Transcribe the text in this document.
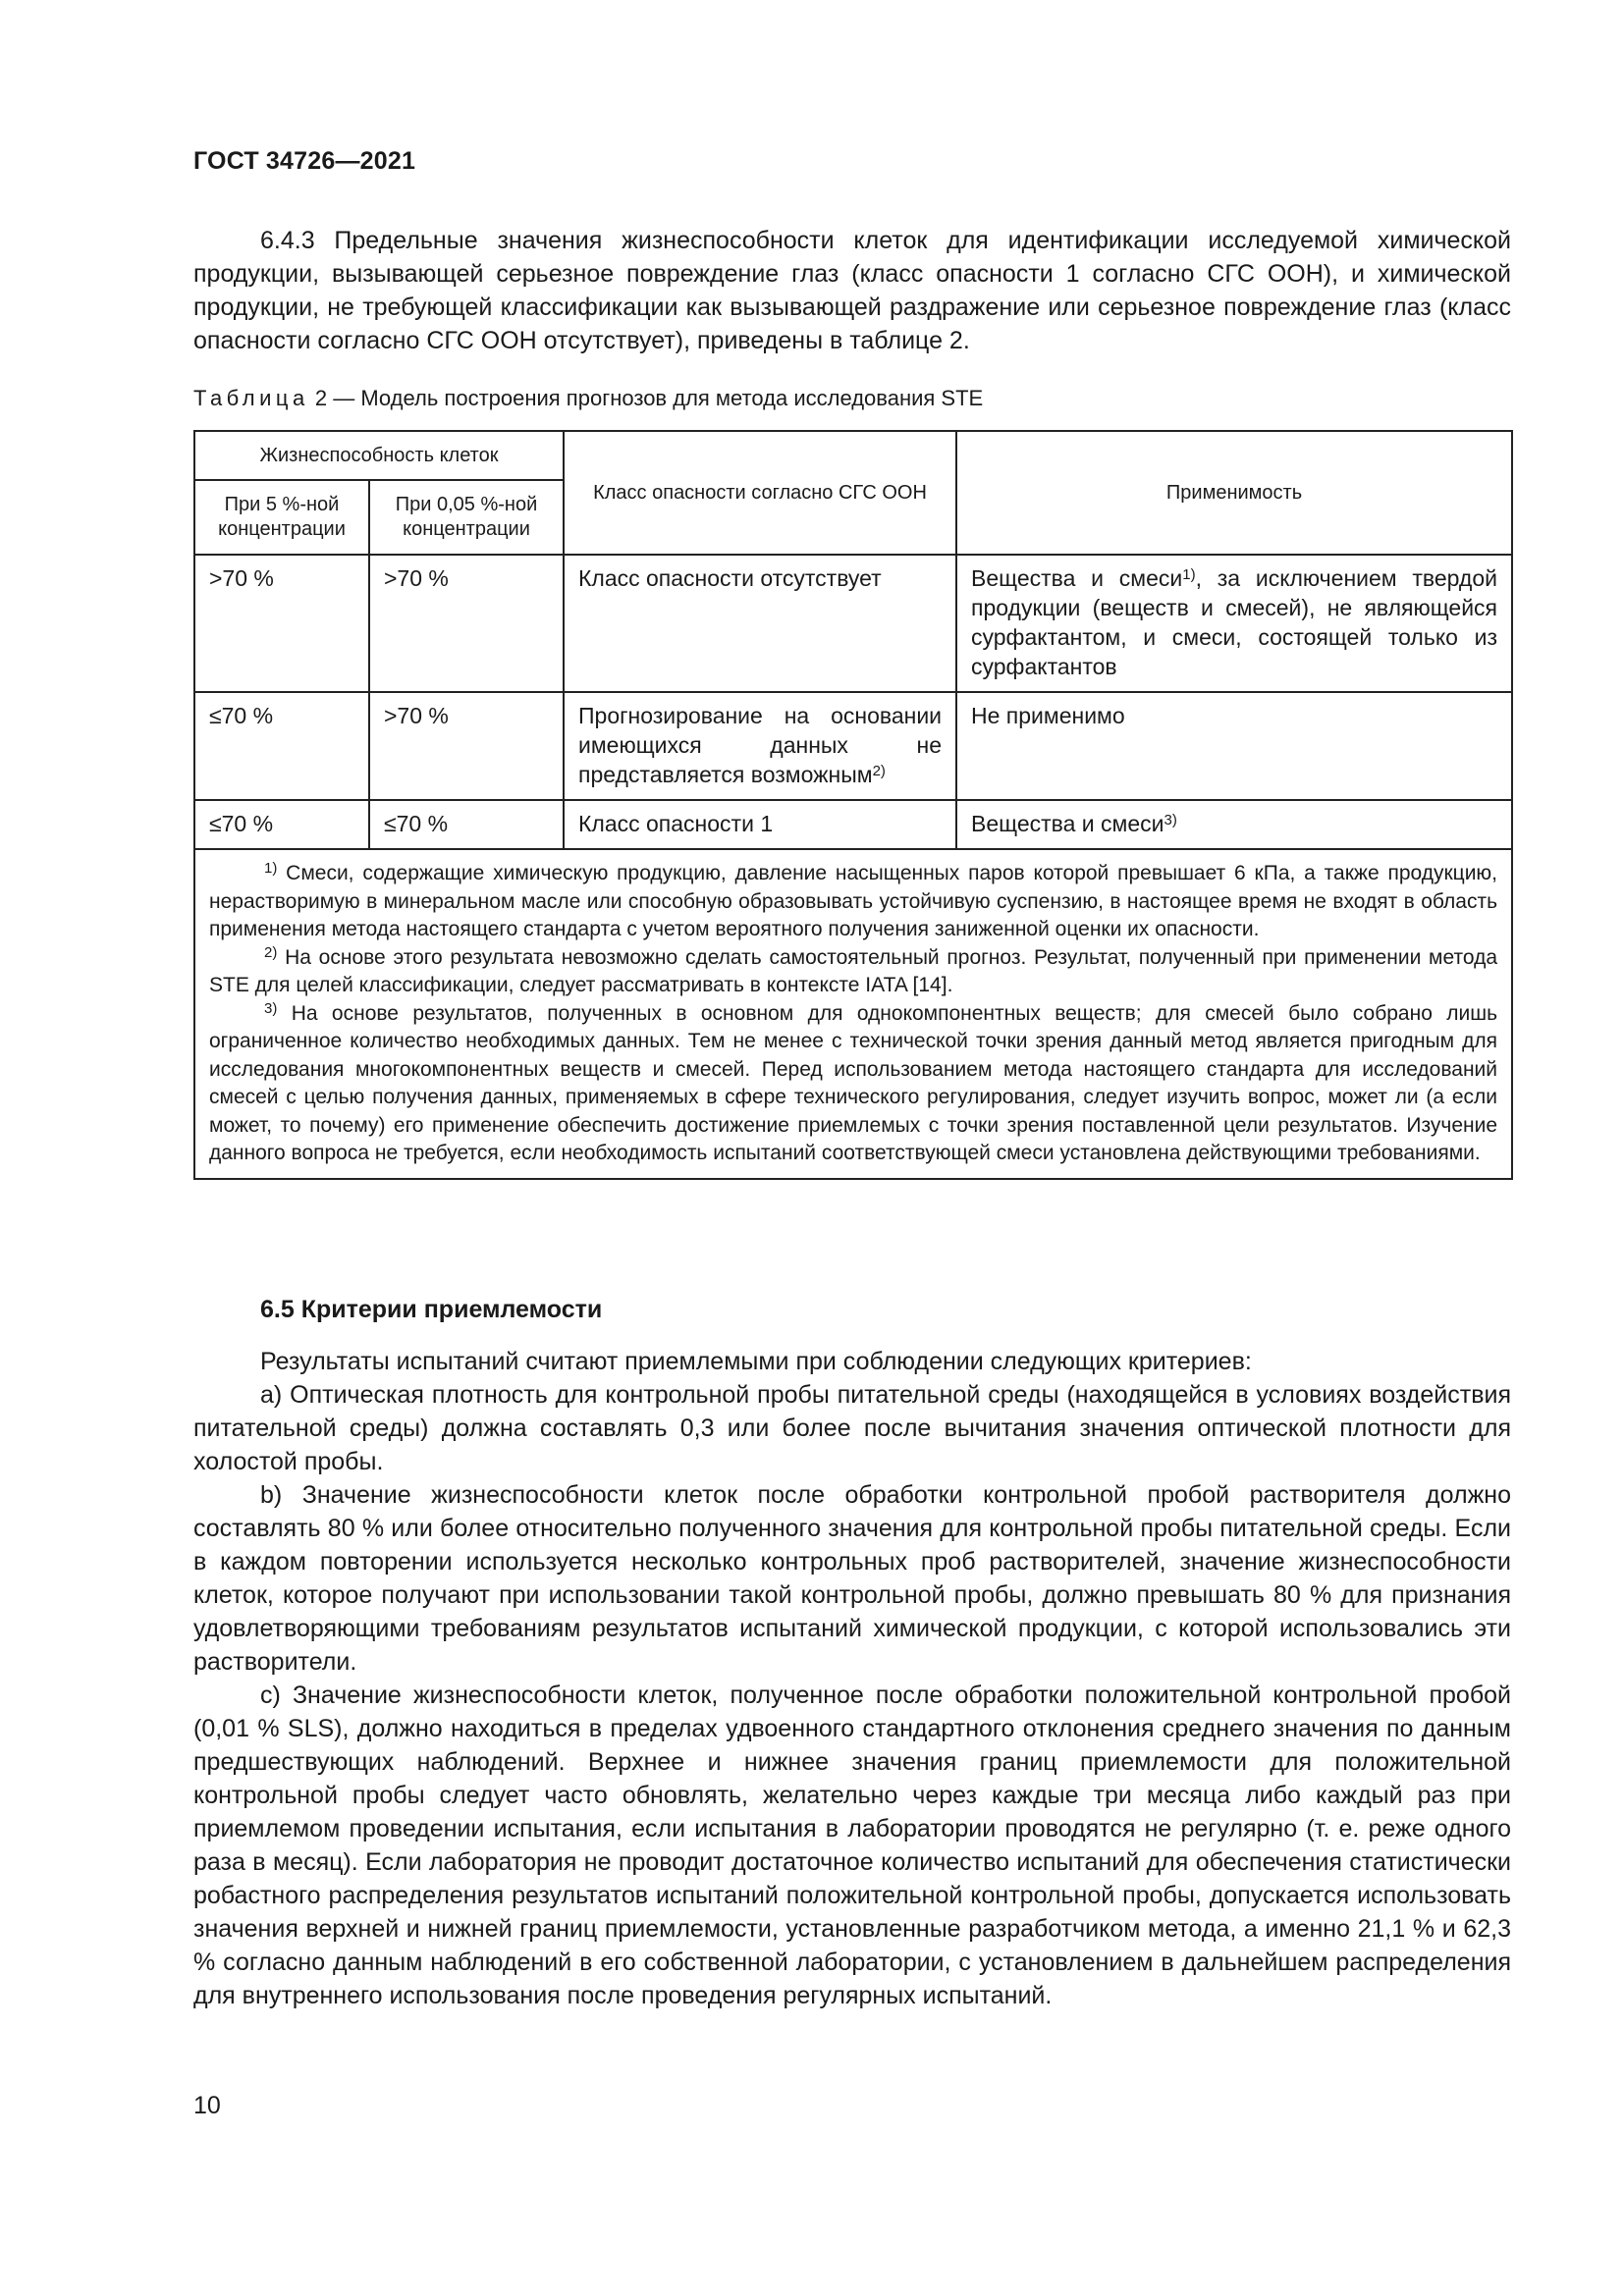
ГОСТ 34726—2021

6.4.3 Предельные значения жизнеспособности клеток для идентификации исследуемой химической продукции, вызывающей серьезное повреждение глаз (класс опасности 1 согласно СГС ООН), и химической продукции, не требующей классификации как вызывающей раздражение или серьезное повреждение глаз (класс опасности согласно СГС ООН отсутствует), приведены в таблице 2.

Таблица 2 — Модель построения прогнозов для метода исследования STE
Жизнеспособность клеток		Класс опасности согласно СГС ООН	Применимость
При 5 %-ной концентрации	При 0,05 %-ной концентрации		
>70 %	>70 %	Класс опасности отсутствует	Вещества и смеси$^{1)}$, за исключением твердой продукции (веществ и смесей), не являющейся сурфактантом, и смеси, состоящей только из сурфактантов
≤70 %	>70 %	Прогнозирование на основании имеющихся данных не представляется возможным$^{2)}$	Не применимо
≤70 %	≤70 %	Класс опасности 1	Вещества и смеси$^{3)}$

$^{1)}$ Смеси, содержащие химическую продукцию, давление насыщенных паров которой превышает 6 кПа, а также продукцию, нерастворимую в минеральном масле или способную образовывать устойчивую суспензию, в настоящее время не входят в область применения метода настоящего стандарта с учетом вероятного получения заниженной оценки их опасности.

$^{2)}$ На основе этого результата невозможно сделать самостоятельный прогноз. Результат, полученный при применении метода STE для целей классификации, следует рассматривать в контексте IATA [14].

$^{3)}$ На основе результатов, полученных в основном для однокомпонентных веществ; для смесей было собрано лишь ограниченное количество необходимых данных. Тем не менее с технической точки зрения данный метод является пригодным для исследования многокомпонентных веществ и смесей. Перед использованием метода настоящего стандарта для исследований смесей с целью получения данных, применяемых в сфере технического регулирования, следует изучить вопрос, может ли (а если может, то почему) его применение обеспечить достижение приемлемых с точки зрения поставленной цели результатов. Изучение данного вопроса не требуется, если необходимость испытаний соответствующей смеси установлена действующими требованиями.			

6.5 Критерии приемлемости

Результаты испытаний считают приемлемыми при соблюдении следующих критериев:

a) Оптическая плотность для контрольной пробы питательной среды (находящейся в условиях воздействия питательной среды) должна составлять 0,3 или более после вычитания значения оптической плотности для холостой пробы.

b) Значение жизнеспособности клеток после обработки контрольной пробой растворителя должно составлять 80 % или более относительно полученного значения для контрольной пробы питательной среды. Если в каждом повторении используется несколько контрольных проб растворителей, значение жизнеспособности клеток, которое получают при использовании такой контрольной пробы, должно превышать 80 % для признания удовлетворяющими требованиям результатов испытаний химической продукции, с которой использовались эти растворители.

c) Значение жизнеспособности клеток, полученное после обработки положительной контрольной пробой (0,01 % SLS), должно находиться в пределах удвоенного стандартного отклонения среднего значения по данным предшествующих наблюдений. Верхнее и нижнее значения границ приемлемости для положительной контрольной пробы следует часто обновлять, желательно через каждые три месяца либо каждый раз при приемлемом проведении испытания, если испытания в лаборатории проводятся не регулярно (т. е. реже одного раза в месяц). Если лаборатория не проводит достаточное количество испытаний для обеспечения статистически робастного распределения результатов испытаний положительной контрольной пробы, допускается использовать значения верхней и нижней границ приемлемости, установленные разработчиком метода, а именно 21,1 % и 62,3 % согласно данным наблюдений в его собственной лаборатории, с установлением в дальнейшем распределения для внутреннего использования после проведения регулярных испытаний.

10
